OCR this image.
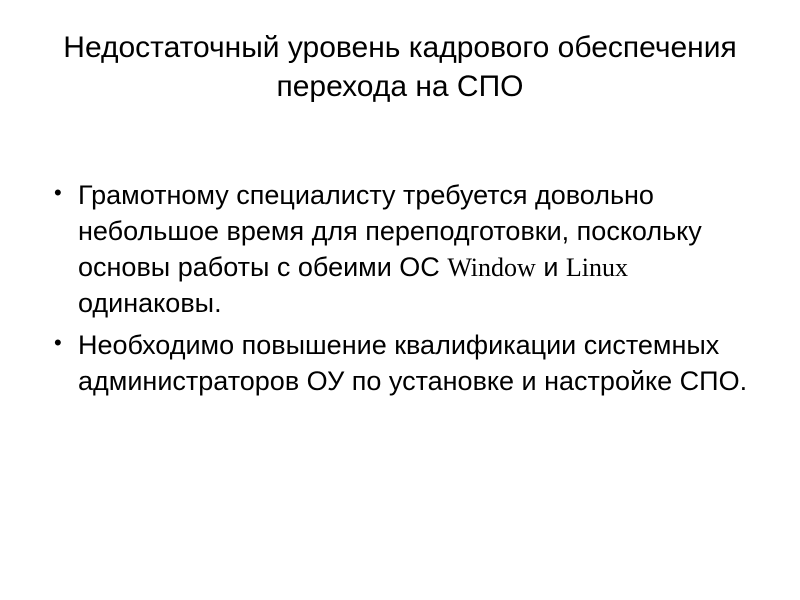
Недостаточный уровень кадрового обеспечения перехода на СПО
• Грамотному специалисту требуется довольно небольшое время для переподготовки, поскольку основы работы с обеими ОС Window и Linux одинаковы.
• Необходимо повышение квалификации системных администраторов ОУ по установке и настройке СПО.
